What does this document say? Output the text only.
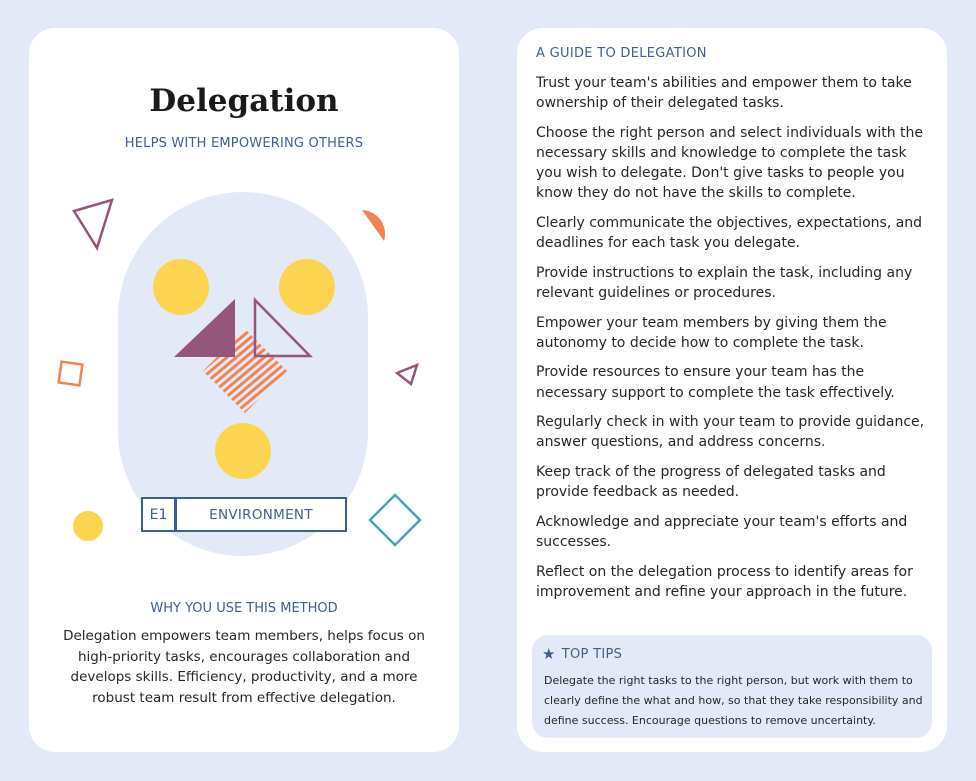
Delegation
HELPS WITH EMPOWERING OTHERS
E1	ENVIRONMENT
WHY YOU USE THIS METHOD
Delegation empowers team members, helps focus on high-priority tasks, encourages collaboration and develops skills. Efficiency, productivity, and a more robust team result from effective delegation.
A GUIDE TO DELEGATION
Trust your team's abilities and empower them to take ownership of their delegated tasks.
Choose the right person and select individuals with the necessary skills and knowledge to complete the task you wish to delegate. Don't give tasks to people you know they do not have the skills to complete.
Clearly communicate the objectives, expectations, and deadlines for each task you delegate.
Provide instructions to explain the task, including any relevant guidelines or procedures.
Empower your team members by giving them the autonomy to decide how to complete the task.
Provide resources to ensure your team has the necessary support to complete the task effectively.
Regularly check in with your team to provide guidance, answer questions, and address concerns.
Keep track of the progress of delegated tasks and provide feedback as needed.
Acknowledge and appreciate your team's efforts and successes.
Reflect on the delegation process to identify areas for improvement and refine your approach in the future.
★ TOP TIPS
Delegate the right tasks to the right person, but work with them to clearly define the what and how, so that they take responsibility and define success. Encourage questions to remove uncertainty.
